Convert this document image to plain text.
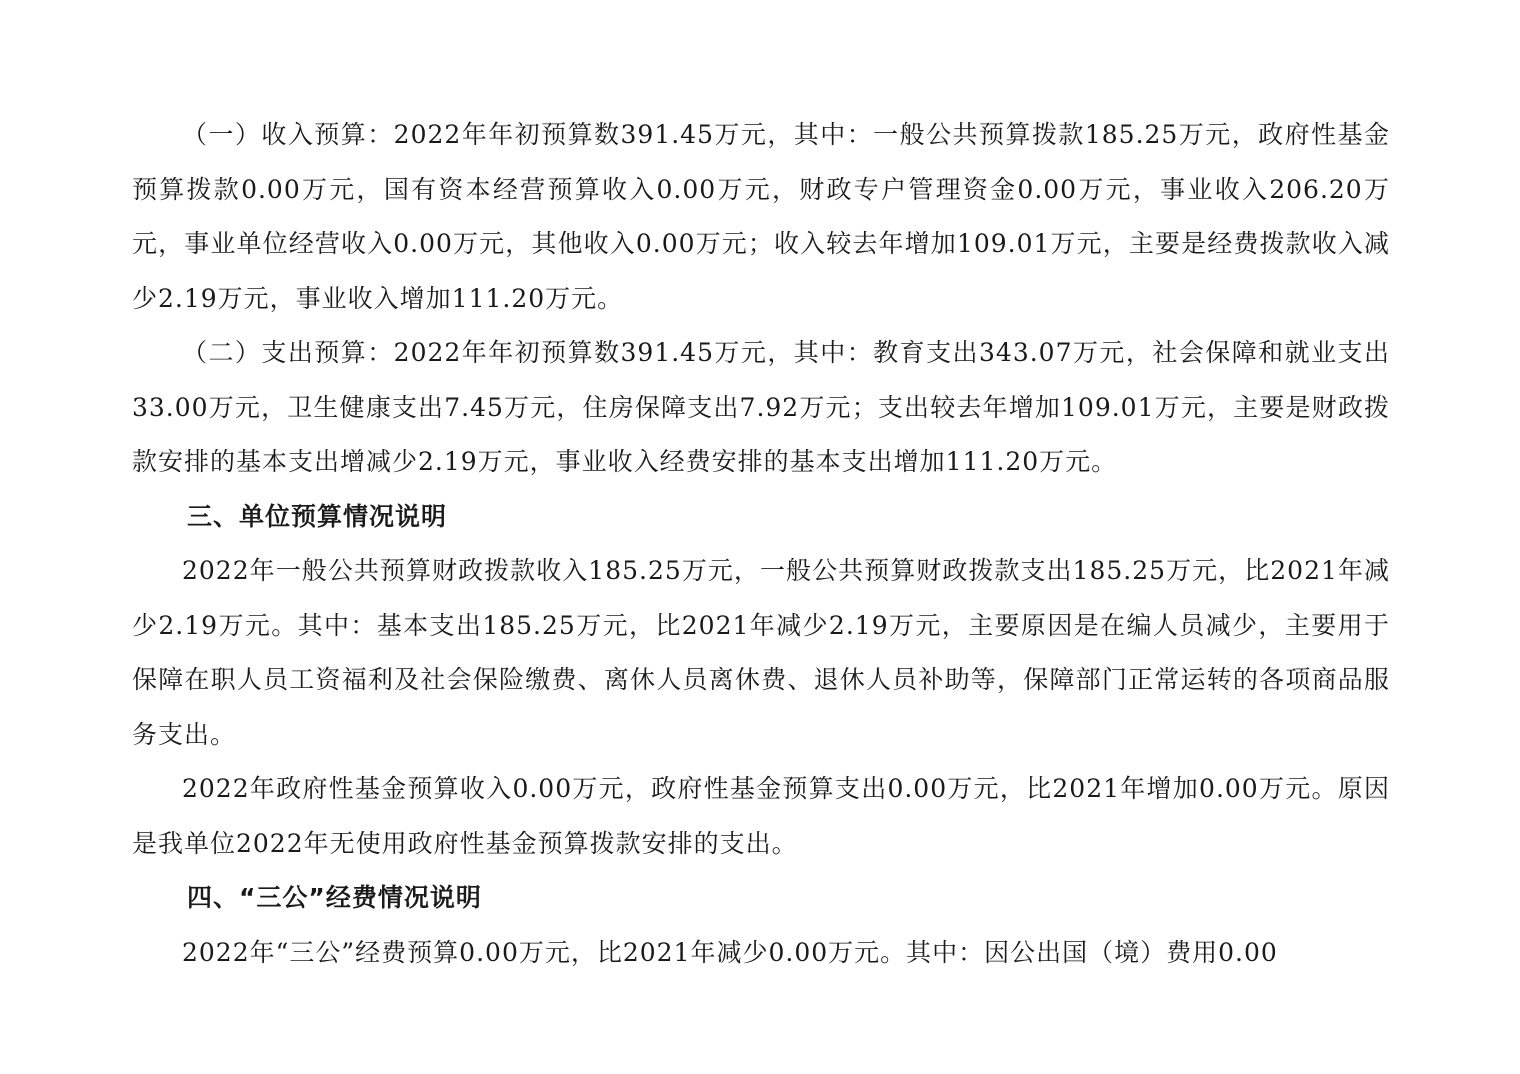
（一）收入预算：2022年年初预算数391.45万元，其中：一般公共预算拨款185.25万元，政府性基金预算拨款0.00万元，国有资本经营预算收入0.00万元，财政专户管理资金0.00万元，事业收入206.20万元，事业单位经营收入0.00万元，其他收入0.00万元；收入较去年增加109.01万元，主要是经费拨款收入减少2.19万元，事业收入增加111.20万元。

（二）支出预算：2022年年初预算数391.45万元，其中：教育支出343.07万元，社会保障和就业支出33.00万元，卫生健康支出7.45万元，住房保障支出7.92万元；支出较去年增加109.01万元，主要是财政拨款安排的基本支出增减少2.19万元，事业收入经费安排的基本支出增加111.20万元。

三、单位预算情况说明

2022年一般公共预算财政拨款收入185.25万元，一般公共预算财政拨款支出185.25万元，比2021年减少2.19万元。其中：基本支出185.25万元，比2021年减少2.19万元，主要原因是在编人员减少，主要用于保障在职人员工资福利及社会保险缴费、离休人员离休费、退休人员补助等，保障部门正常运转的各项商品服务支出。

2022年政府性基金预算收入0.00万元，政府性基金预算支出0.00万元，比2021年增加0.00万元。原因是我单位2022年无使用政府性基金预算拨款安排的支出。

四、“三公”经费情况说明

2022年“三公”经费预算0.00万元，比2021年减少0.00万元。其中：因公出国（境）费用0.00
